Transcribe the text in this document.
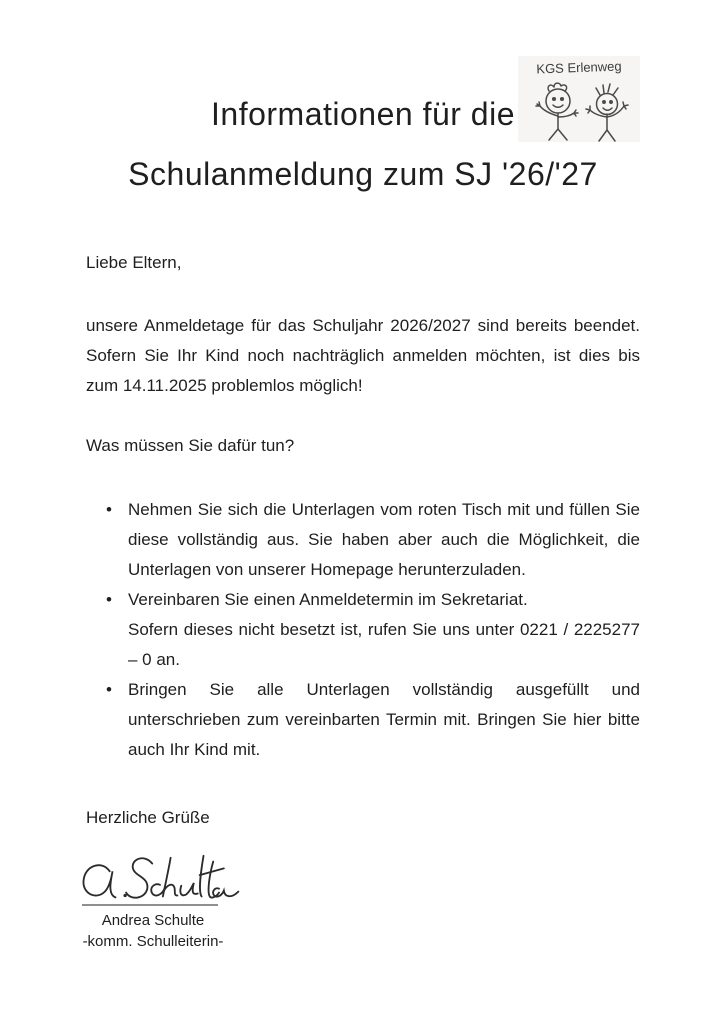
KGS Erlenweg
Informationen für die
Schulanmeldung zum SJ '26/'27

Liebe Eltern,

unsere Anmeldetage für das Schuljahr 2026/2027 sind bereits beendet. Sofern Sie Ihr Kind noch nachträglich anmelden möchten, ist dies bis zum 14.11.2025 problemlos möglich!

Was müssen Sie dafür tun?

• Nehmen Sie sich die Unterlagen vom roten Tisch mit und füllen Sie diese vollständig aus. Sie haben aber auch die Möglichkeit, die Unterlagen von unserer Homepage herunterzuladen.
• Vereinbaren Sie einen Anmeldetermin im Sekretariat.
Sofern dieses nicht besetzt ist, rufen Sie uns unter 0221 / 2225277 – 0 an.
• Bringen Sie alle Unterlagen vollständig ausgefüllt und unterschrieben zum vereinbarten Termin mit. Bringen Sie hier bitte auch Ihr Kind mit.

Herzliche Grüße

Andrea Schulte
-komm. Schulleiterin-
